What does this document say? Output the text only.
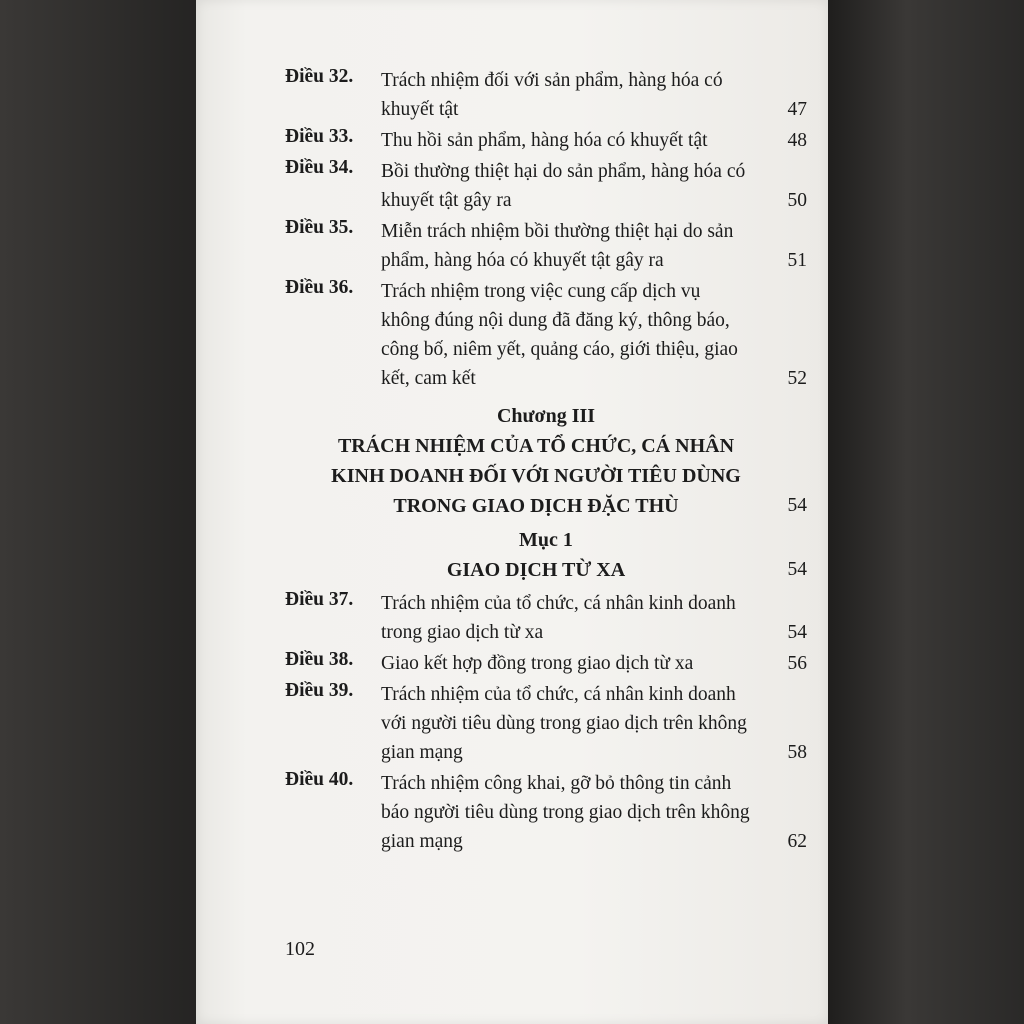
Điều 32.	Trách nhiệm đối với sản phẩm, hàng hóa có khuyết tật	47
Điều 33.	Thu hồi sản phẩm, hàng hóa có khuyết tật	48
Điều 34.	Bồi thường thiệt hại do sản phẩm, hàng hóa có khuyết tật gây ra	50
Điều 35.	Miễn trách nhiệm bồi thường thiệt hại do sản phẩm, hàng hóa có khuyết tật gây ra	51
Điều 36.	Trách nhiệm trong việc cung cấp dịch vụ không đúng nội dung đã đăng ký, thông báo, công bố, niêm yết, quảng cáo, giới thiệu, giao kết, cam kết	52
Chương III
TRÁCH NHIỆM CỦA TỔ CHỨC, CÁ NHÂN
KINH DOANH ĐỐI VỚI NGƯỜI TIÊU DÙNG
TRONG GIAO DỊCH ĐẶC THÙ	54
Mục 1
GIAO DỊCH TỪ XA	54
Điều 37.	Trách nhiệm của tổ chức, cá nhân kinh doanh trong giao dịch từ xa	54
Điều 38.	Giao kết hợp đồng trong giao dịch từ xa	56
Điều 39.	Trách nhiệm của tổ chức, cá nhân kinh doanh với người tiêu dùng trong giao dịch trên không gian mạng	58
Điều 40.	Trách nhiệm công khai, gỡ bỏ thông tin cảnh báo người tiêu dùng trong giao dịch trên không gian mạng	62
102
